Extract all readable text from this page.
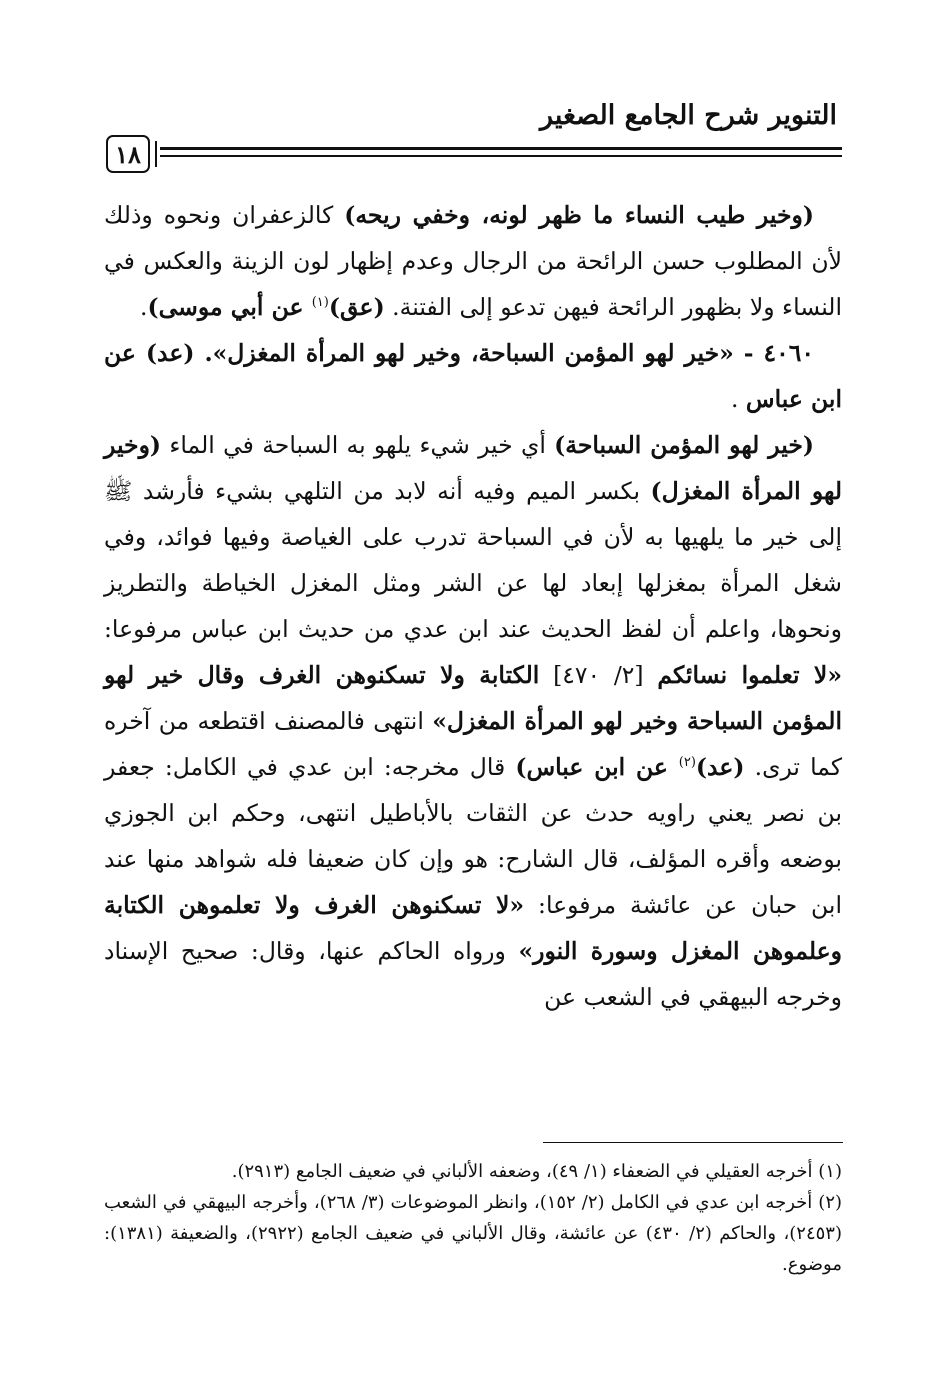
التنوير شرح الجامع الصغير
١٨

(وخير طيب النساء ما ظهر لونه، وخفي ريحه) كالزعفران ونحوه وذلك لأن المطلوب حسن الرائحة من الرجال وعدم إظهار لون الزينة والعكس في النساء ولا بظهور الرائحة فيهن تدعو إلى الفتنة. (عق)$^{(١)}$ عن أبي موسى).

٤٠٦٠ - «خير لهو المؤمن السباحة، وخير لهو المرأة المغزل». (عد) عن ابن عباس .

(خير لهو المؤمن السباحة) أي خير شيء يلهو به السباحة في الماء (وخير لهو المرأة المغزل) بكسر الميم وفيه أنه لابد من التلهي بشيء فأرشد ﷺ إلى خير ما يلهيها به لأن في السباحة تدرب على الغياصة وفيها فوائد، وفي شغل المرأة بمغزلها إبعاد لها عن الشر ومثل المغزل الخياطة والتطريز ونحوها، واعلم أن لفظ الحديث عند ابن عدي من حديث ابن عباس مرفوعا: «لا تعلموا نسائكم [٢/ ٤٧٠] الكتابة ولا تسكنوهن الغرف وقال خير لهو المؤمن السباحة وخير لهو المرأة المغزل» انتهى فالمصنف اقتطعه من آخره كما ترى. (عد)$^{(٢)}$ عن ابن عباس) قال مخرجه: ابن عدي في الكامل: جعفر بن نصر يعني راويه حدث عن الثقات بالأباطيل انتهى، وحكم ابن الجوزي بوضعه وأقره المؤلف، قال الشارح: هو وإن كان ضعيفا فله شواهد منها عند ابن حبان عن عائشة مرفوعا: «لا تسكنوهن الغرف ولا تعلموهن الكتابة وعلموهن المغزل وسورة النور» ورواه الحاكم عنها، وقال: صحيح الإسناد وخرجه البيهقي في الشعب عن

(١) أخرجه العقيلي في الضعفاء (١/ ٤٩)، وضعفه الألباني في ضعيف الجامع (٢٩١٣).

(٢) أخرجه ابن عدي في الكامل (٢/ ١٥٢)، وانظر الموضوعات (٣/ ٢٦٨)، وأخرجه البيهقي في الشعب (٢٤٥٣)، والحاكم (٢/ ٤٣٠) عن عائشة، وقال الألباني في ضعيف الجامع (٢٩٢٢)، والضعيفة (١٣٨١): موضوع.
